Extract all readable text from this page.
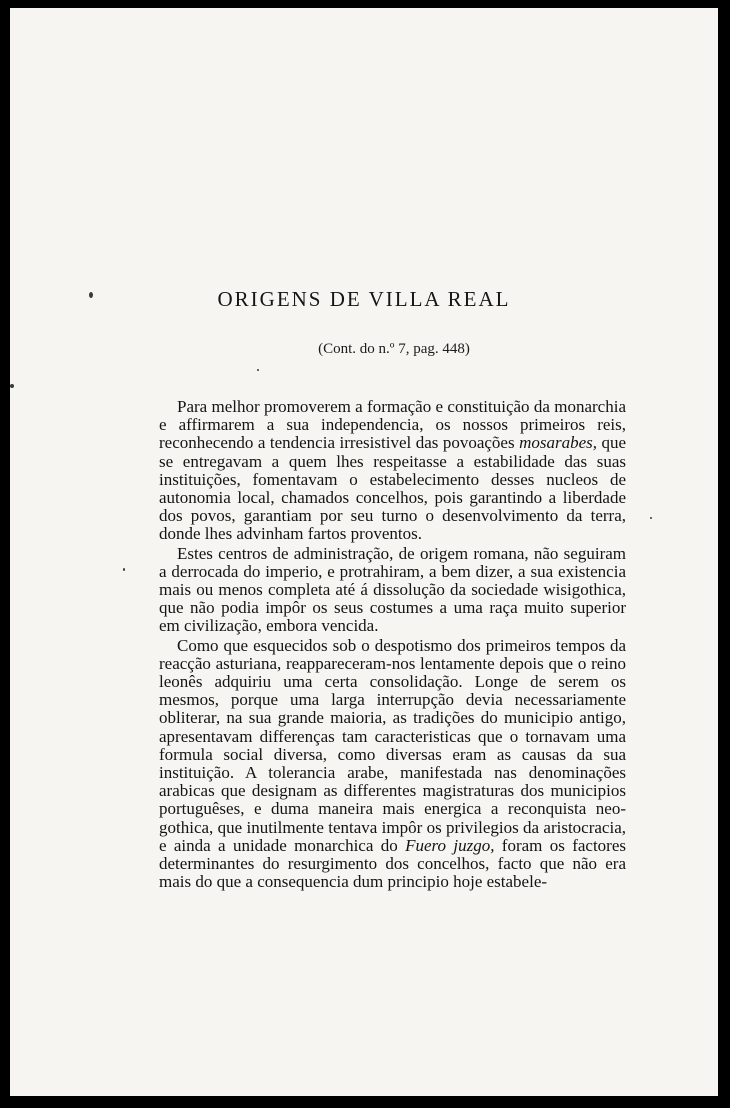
ORIGENS DE VILLA REAL
(Cont. do n.º 7, pag. 448)

Para melhor promoverem a formação e constituição da monarchia e affirmarem a sua independencia, os nossos primeiros reis, reconhecendo a tendencia irresistivel das povoações mosarabes, que se entregavam a quem lhes respeitasse a estabilidade das suas instituições, fomentavam o estabelecimento desses nucleos de autonomia local, chamados concelhos, pois garantindo a liberdade dos povos, garantiam por seu turno o desenvolvimento da terra, donde lhes advinham fartos proventos.

Estes centros de administração, de origem romana, não seguiram a derrocada do imperio, e protrahiram, a bem dizer, a sua existencia mais ou menos completa até á dissolução da sociedade wisigothica, que não podia impôr os seus costumes a uma raça muito superior em civilização, embora vencida.

Como que esquecidos sob o despotismo dos primeiros tempos da reacção asturiana, reappareceram-nos lentamente depois que o reino leonês adquiriu uma certa consolidação. Longe de serem os mesmos, porque uma larga interrupção devia necessariamente obliterar, na sua grande maioria, as tradições do municipio antigo, apresentavam differenças tam caracteristicas que o tornavam uma formula social diversa, como diversas eram as causas da sua instituição. A tolerancia arabe, manifestada nas denominações arabicas que designam as differentes magistraturas dos municipios portuguêses, e duma maneira mais energica a reconquista neo-gothica, que inutilmente tentava impôr os privilegios da aristocracia, e ainda a unidade monarchica do Fuero juzgo, foram os factores determinantes do resurgimento dos concelhos, facto que não era mais do que a consequencia dum principio hoje estabele-
